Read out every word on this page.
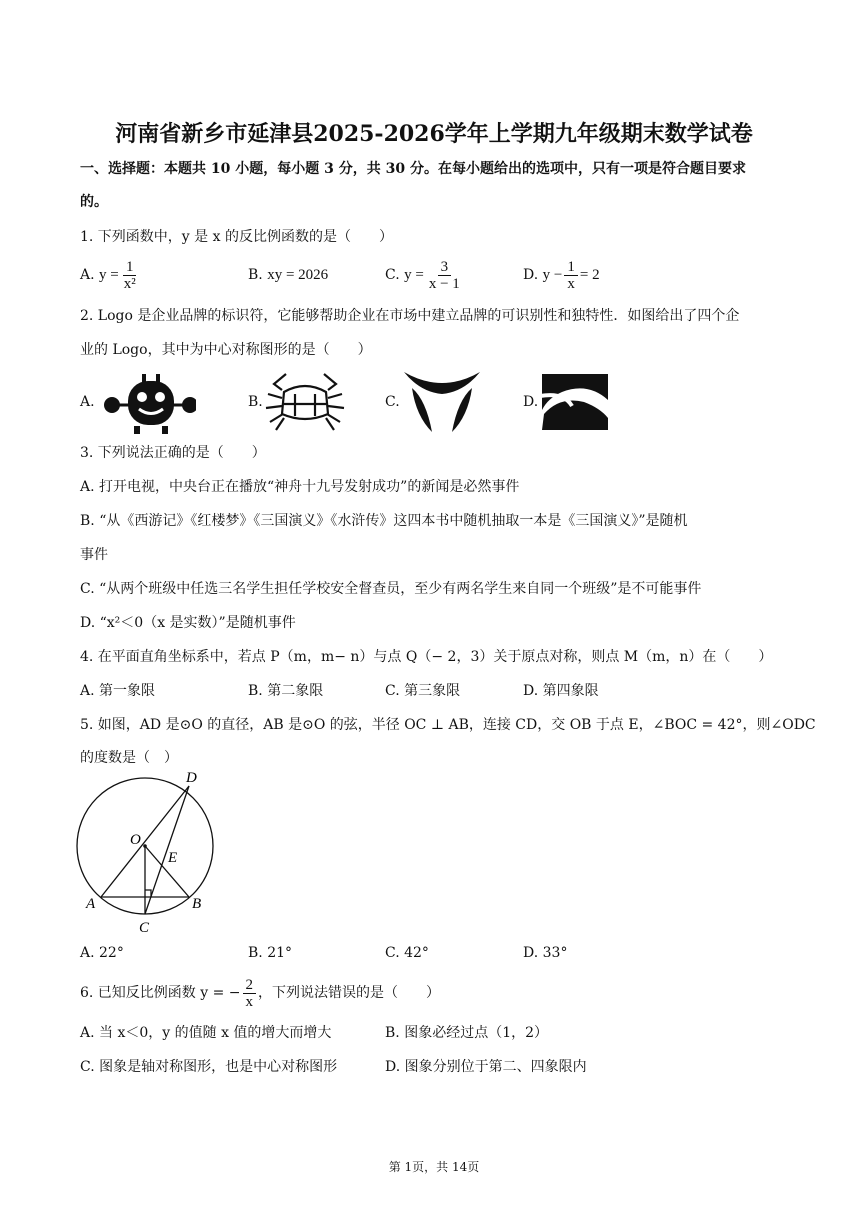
河南省新乡市延津县2025-2026学年上学期九年级期末数学试卷
一、选择题：本题共 10 小题，每小题 3 分，共 30 分。在每小题给出的选项中，只有一项是符合题目要求
的。
1. 下列函数中，y 是 x 的反比例函数的是（　　）
A.
$y = \frac{1}{\text{x²}}$	B.
xy = 2026	C.
$y = \frac{3}{x - 1}$	D.
$y - \frac{1}{x} = 2$
2. Logo 是企业品牌的标识符，它能够帮助企业在市场中建立品牌的可识别性和独特性．如图给出了四个企
业的 Logo，其中为中心对称图形的是（　　）
A.	B.	C.	D.
3. 下列说法正确的是（　　）
A. 打开电视，中央台正在播放“神舟十九号发射成功”的新闻是必然事件
B. “从《西游记》《红楼梦》《三国演义》《水浒传》这四本书中随机抽取一本是《三国演义》”是随机
事件
C. “从两个班级中任选三名学生担任学校安全督查员，至少有两名学生来自同一个班级”是不可能事件
D. “x²＜0（x 是实数）”是随机事件
4. 在平面直角坐标系中，若点 P（m，m− n）与点 Q（− 2，3）关于原点对称，则点 M（m，n）在（　　）
A. 第一象限	B. 第二象限	C. 第三象限	D. 第四象限
5. 如图，AD 是⊙O 的直径，AB 是⊙O 的弦，半径 OC ⊥ AB，连接 CD，交 OB 于点 E，∠BOC = 42°，则∠ODC
的度数是（　）
D
O
E
A	B
C
A. 22°	B. 21°	C. 42°	D. 33°
6. 已知反比例函数 y = − $\frac{2}{x}$ ，下列说法错误的是（　　）
A. 当 x＜0，y 的值随 x 值的增大而增大	B. 图象必经过点（1，2）
C. 图象是轴对称图形，也是中心对称图形	D. 图象分别位于第二、四象限内
第 1页，共 14页
